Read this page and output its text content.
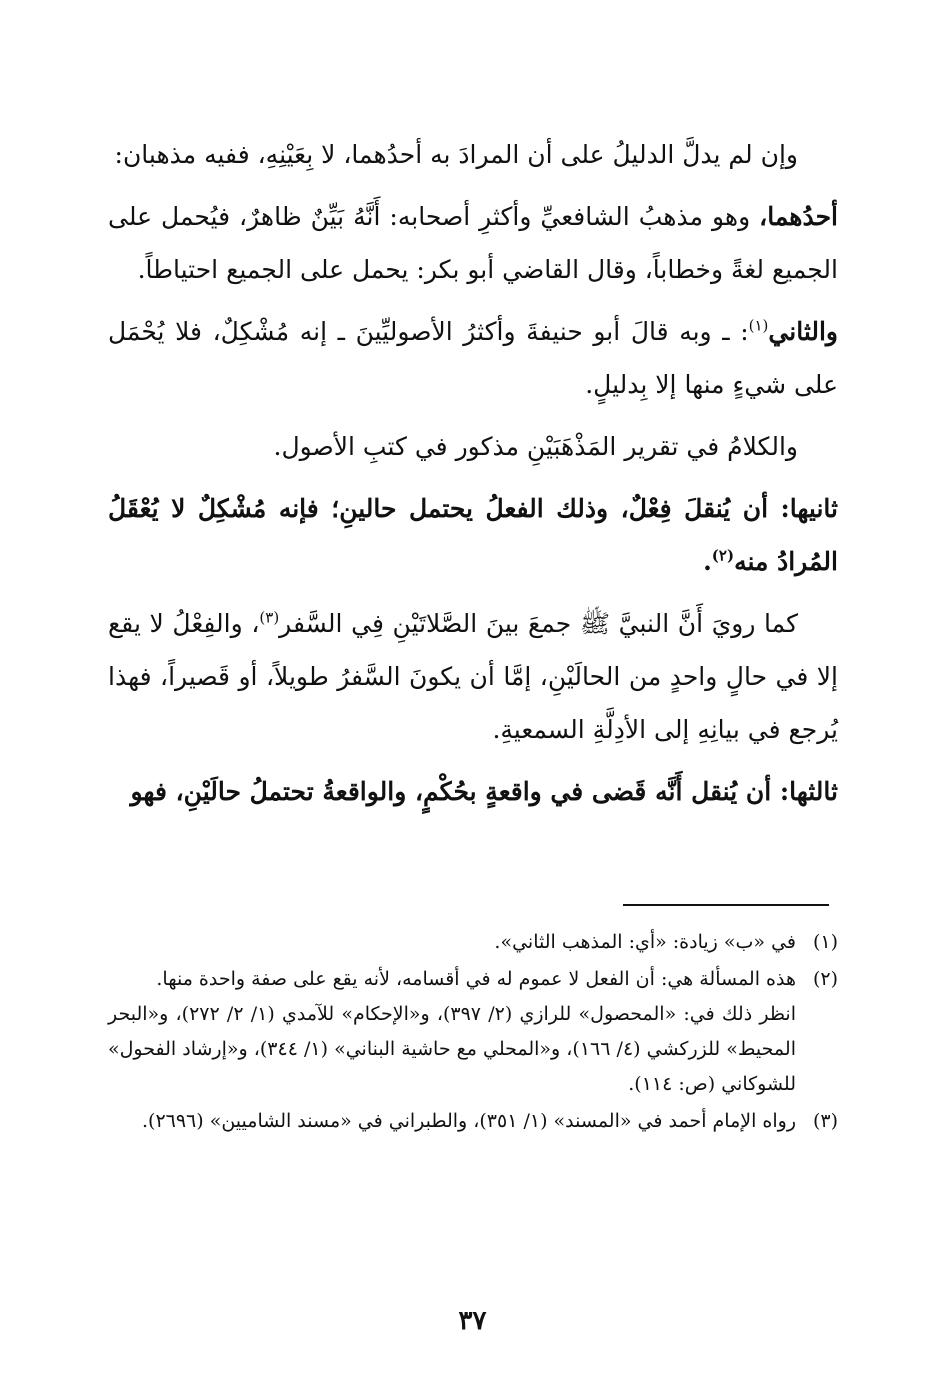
وإن لم يدلَّ الدليلُ على أن المرادَ به أحدُهما، لا بِعَيْنِهِ، ففيه مذهبان:

أحدُهما، وهو مذهبُ الشافعيِّ وأكثرِ أصحابه: أَنَّهُ بَيِّنٌ ظاهرٌ، فيُحمل على الجميع لغةً وخطاباً، وقال القاضي أبو بكر: يحمل على الجميع احتياطاً.

والثاني$^{(١)}$: ـ وبه قالَ أبو حنيفةَ وأكثرُ الأصوليِّينَ ـ إنه مُشْكِلٌ، فلا يُحْمَل على شيءٍ منها إلا بِدليلٍ.

والكلامُ في تقرير المَذْهَبَيْنِ مذكور في كتبِ الأصول.

ثانيها: أن يُنقلَ فِعْلٌ، وذلك الفعلُ يحتمل حالينِ؛ فإنه مُشْكِلٌ لا يُعْقَلُ المُرادُ منه$^{(٢)}$.

كما رويَ أَنَّ النبيَّ ﷺ جمعَ بينَ الصَّلاتَيْنِ فِي السَّفر$^{(٣)}$، والفِعْلُ لا يقع إلا في حالٍ واحدٍ من الحالَيْنِ، إمَّا أن يكونَ السَّفرُ طويلاً، أو قَصيراً، فهذا يُرجع في بيانِهِ إلى الأدِلَّةِ السمعيةِ.

ثالثها: أن يُنقل أَنَّه قَضى في واقعةٍ بحُكْمٍ، والواقعةُ تحتملُ حالَيْنِ، فهو

(١)
في «ب» زيادة: «أي: المذهب الثاني».
(٢)
هذه المسألة هي: أن الفعل لا عموم له في أقسامه، لأنه يقع على صفة واحدة منها.
انظر ذلك في: «المحصول» للرازي (٢/ ٣٩٧)، و«الإحكام» للآمدي (١/ ٢/ ٢٧٢)، و«البحر المحيط» للزركشي (٤/ ١٦٦)، و«المحلي مع حاشية البناني» (١/ ٣٤٤)، و«إرشاد الفحول» للشوكاني (ص: ١١٤).
(٣)
رواه الإمام أحمد في «المسند» (١/ ٣٥١)، والطبراني في «مسند الشاميين» (٢٦٩٦).
٣٧
